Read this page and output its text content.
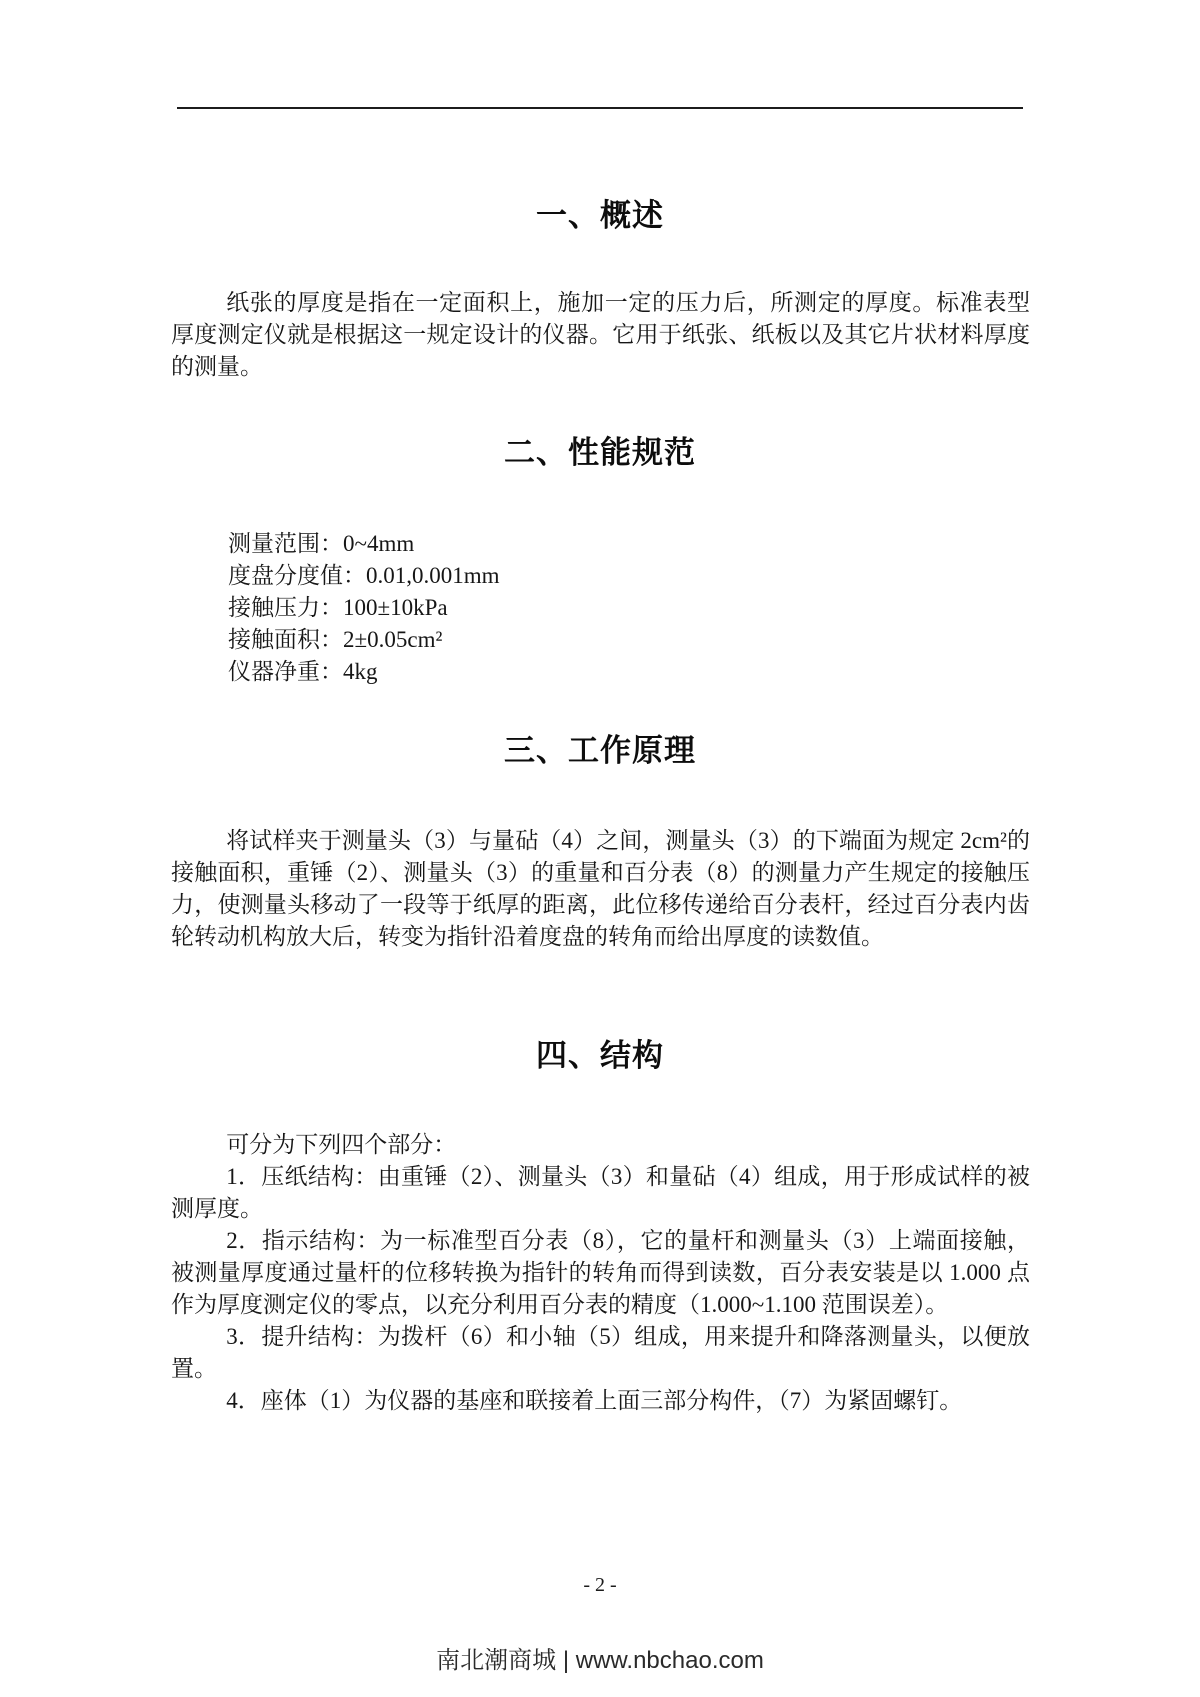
一、概述

纸张的厚度是指在一定面积上，施加一定的压力后，所测定的厚度。标准表型厚度测定仪就是根据这一规定设计的仪器。它用于纸张、纸板以及其它片状材料厚度的测量。

二、性能规范
测量范围：0~4mm
度盘分度值：0.01,0.001mm
接触压力：100±10kPa
接触面积：2±0.05cm²
仪器净重：4kg
三、工作原理

将试样夹于测量头（3）与量砧（4）之间，测量头（3）的下端面为规定 2cm²的接触面积，重锤（2）、测量头（3）的重量和百分表（8）的测量力产生规定的接触压力，使测量头移动了一段等于纸厚的距离，此位移传递给百分表杆，经过百分表内齿轮转动机构放大后，转变为指针沿着度盘的转角而给出厚度的读数值。

四、结构

可分为下列四个部分：

1．压纸结构：由重锤（2）、测量头（3）和量砧（4）组成，用于形成试样的被测厚度。

2．指示结构：为一标准型百分表（8），它的量杆和测量头（3）上端面接触，被测量厚度通过量杆的位移转换为指针的转角而得到读数，百分表安装是以 1.000 点作为厚度测定仪的零点，以充分利用百分表的精度（1.000~1.100 范围误差）。

3．提升结构：为拨杆（6）和小轴（5）组成，用来提升和降落测量头，以便放置。

4．座体（1）为仪器的基座和联接着上面三部分构件，（7）为紧固螺钉。

- 2 -
南北潮商城 | www.nbchao.com
